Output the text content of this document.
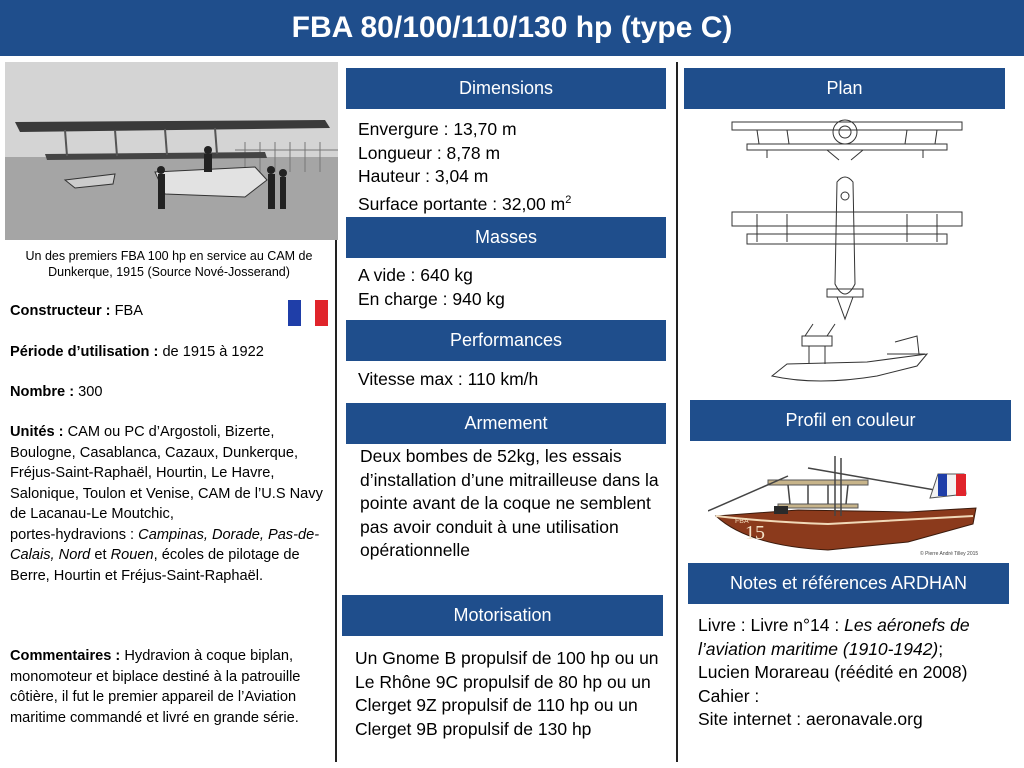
FBA 80/100/110/130 hp (type C)
Un des premiers FBA 100 hp en service au CAM de Dunkerque, 1915 (Source Nové-Josserand)
Constructeur : FBA
Période d’utilisation : de 1915 à 1922
Nombre : 300
Unités : CAM ou PC d’Argostoli, Bizerte, Boulogne, Casablanca, Cazaux, Dunkerque, Fréjus-Saint-Raphaël, Hourtin, Le Havre, Salonique, Toulon et Venise, CAM de l’U.S Navy de Lacanau-Le Moutchic,
portes-hydravions : Campinas, Dorade, Pas-de-Calais, Nord et Rouen, écoles de pilotage de Berre, Hourtin et Fréjus-Saint-Raphaël.
Commentaires : Hydravion à coque biplan, monomoteur et biplace destiné à la patrouille côtière, il fut le premier appareil de l’Aviation maritime commandé et livré en grande série.
Dimensions
Envergure : 13,70 m
Longueur : 8,78 m
Hauteur : 3,04 m
Surface portante : 32,00 $m^2$
Masses
A vide : 640 kg
En charge : 940 kg
Performances
Vitesse max : 110 km/h
Armement
Deux bombes de 52kg, les essais d’installation d’une mitrailleuse dans la pointe avant de la coque ne semblent pas avoir conduit à une utilisation opérationnelle
Motorisation
Un Gnome B propulsif de 100 hp ou un Le Rhône 9C propulsif de 80 hp ou un Clerget 9Z propulsif de 110 hp ou un Clerget 9B propulsif de 130 hp
Plan
Profil en couleur
FBA
15
© Pierre André Tilley 2015
Notes et références ARDHAN
Livre : Livre n°14 : Les aéronefs de l’aviation maritime (1910-1942); Lucien Morareau (réédité en 2008)
Cahier :
Site internet : aeronavale.org
